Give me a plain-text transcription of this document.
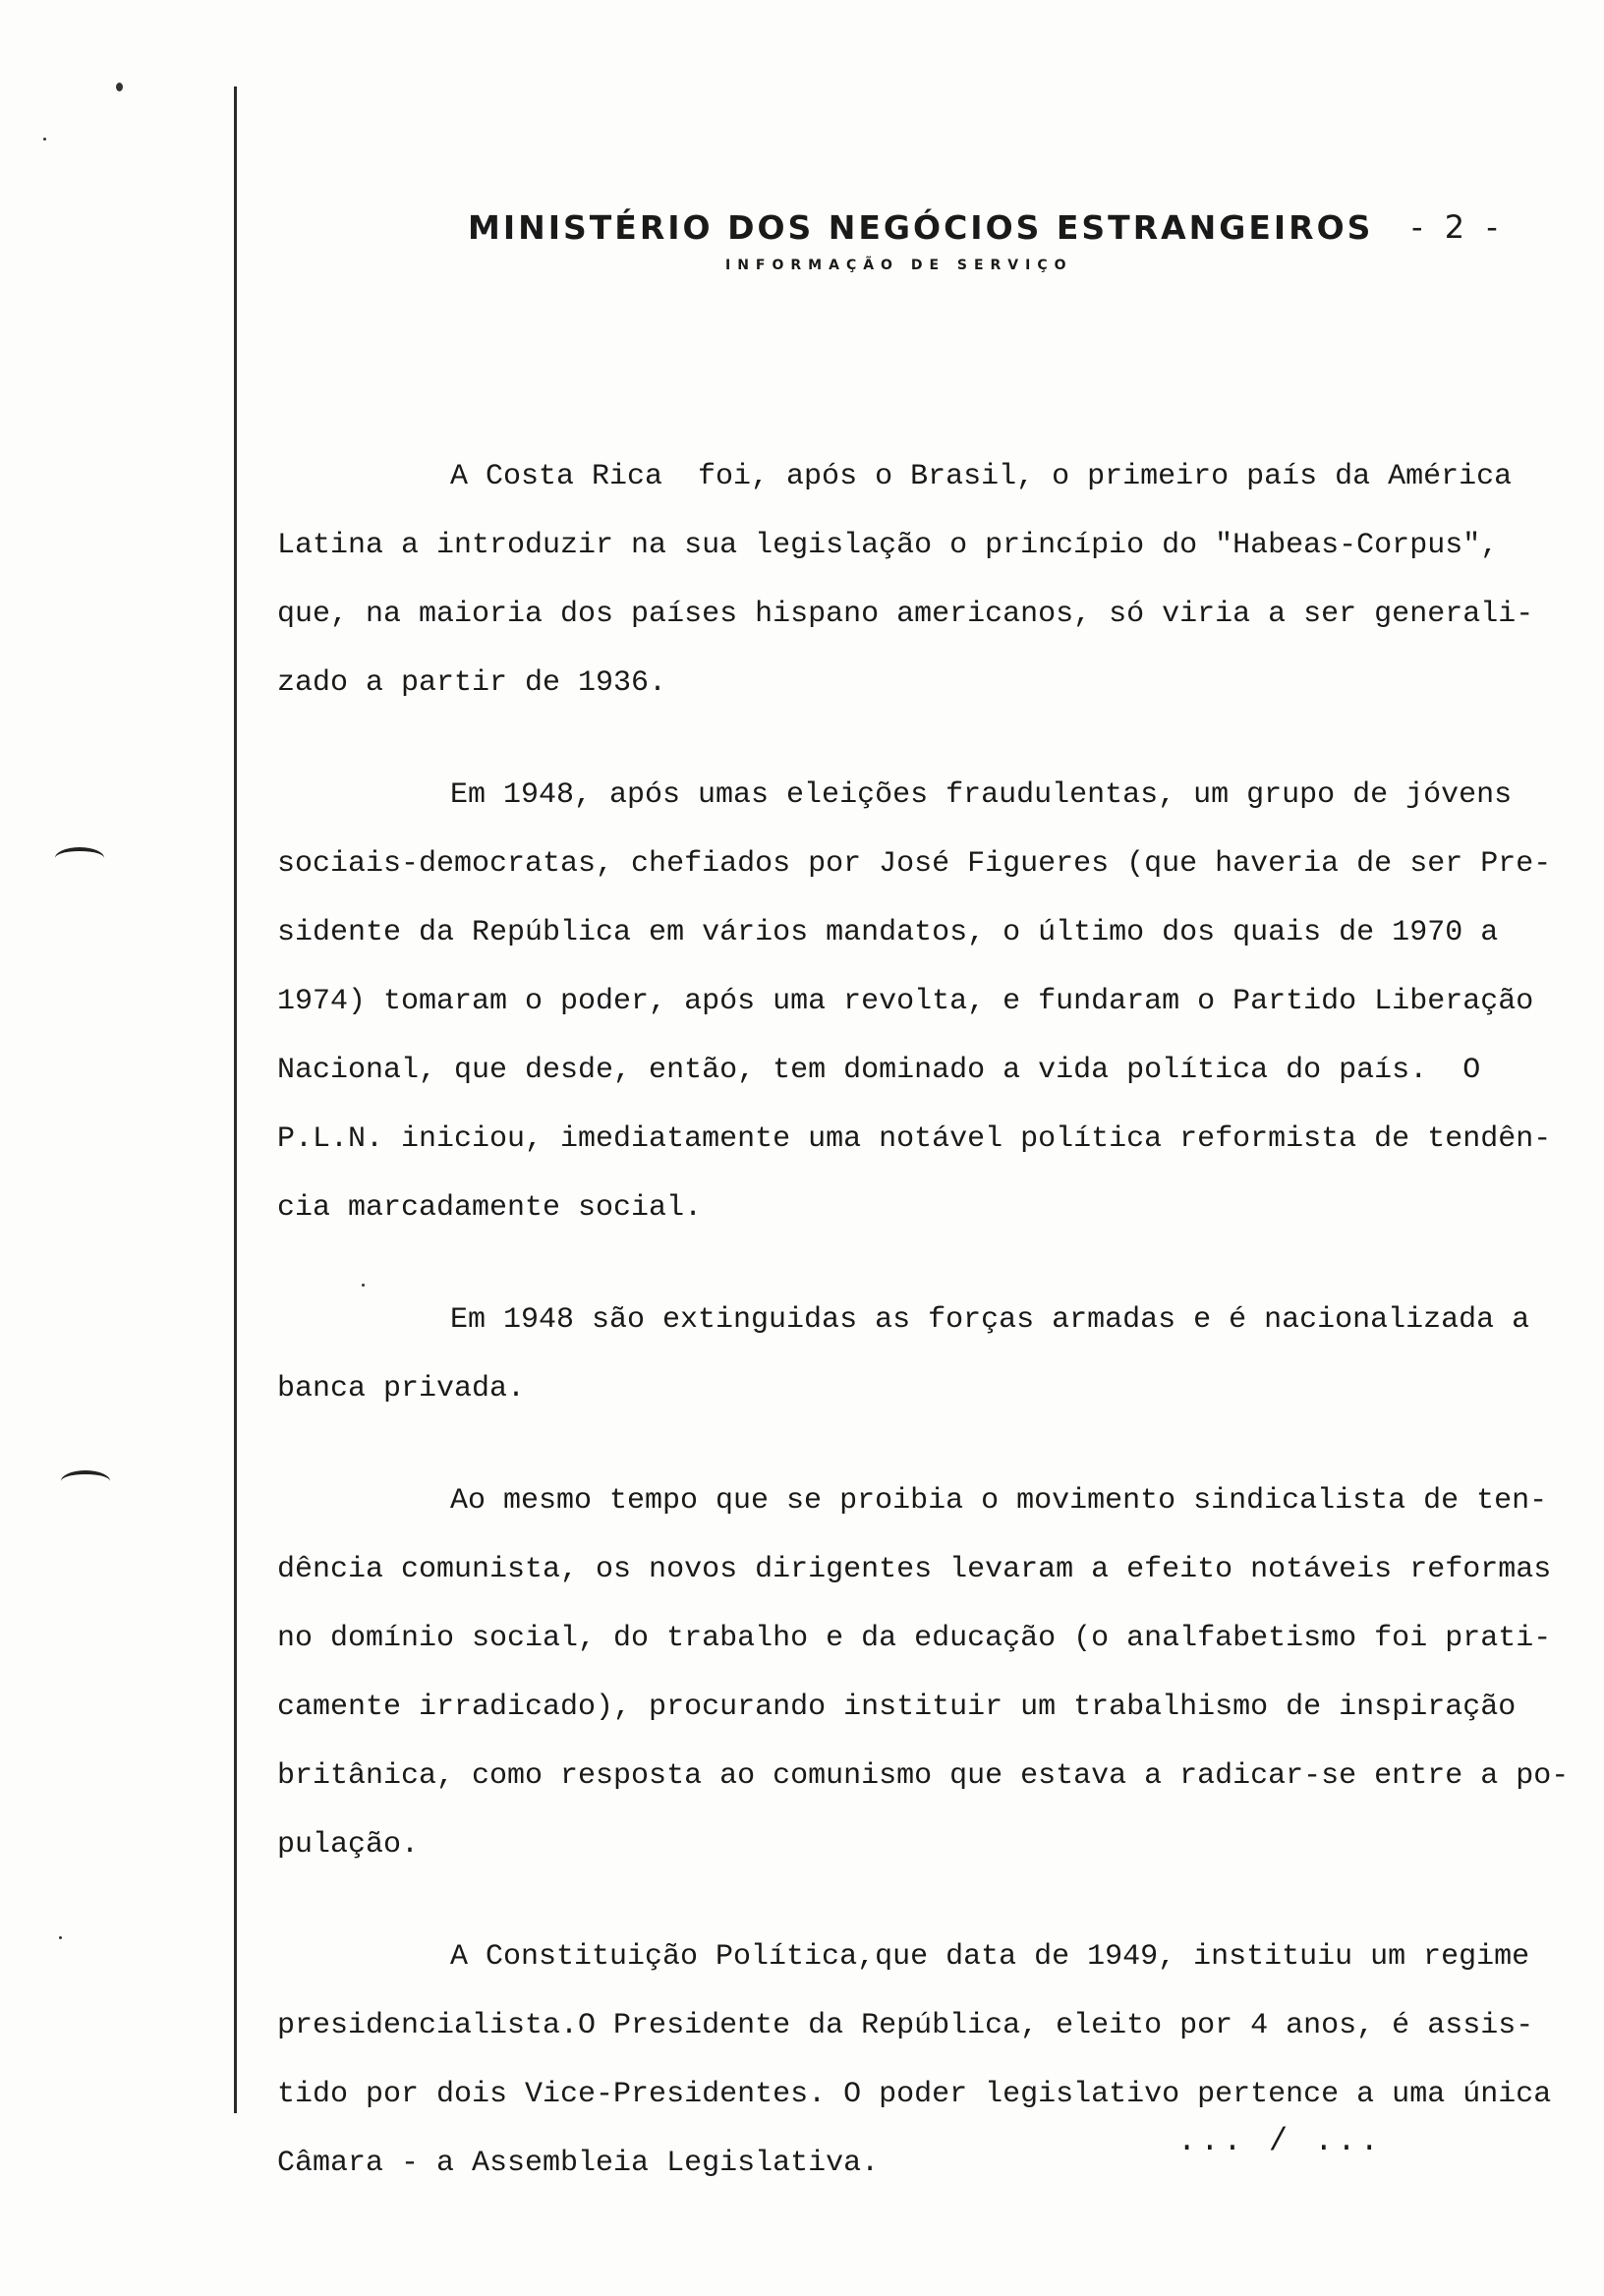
MINISTÉRIO DOS NEGÓCIOS ESTRANGEIROS	- 2 -
INFORMAÇÃO DE SERVIÇO
A Costa Rica  foi, após o Brasil, o primeiro país da América
Latina a introduzir na sua legislação o princípio do "Habeas-Corpus",
que, na maioria dos países hispano americanos, só viria a ser generali-
zado a partir de 1936.
Em 1948, após umas eleições fraudulentas, um grupo de jóvens
sociais-democratas, chefiados por José Figueres (que haveria de ser Pre-
sidente da República em vários mandatos, o último dos quais de 1970 a
1974) tomaram o poder, após uma revolta, e fundaram o Partido Liberação
Nacional, que desde, então, tem dominado a vida política do país.  O
P.L.N. iniciou, imediatamente uma notável política reformista de tendên-
cia marcadamente social.
Em 1948 são extinguidas as forças armadas e é nacionalizada a
banca privada.
Ao mesmo tempo que se proibia o movimento sindicalista de ten-
dência comunista, os novos dirigentes levaram a efeito notáveis reformas
no domínio social, do trabalho e da educação (o analfabetismo foi prati-
camente irradicado), procurando instituir um trabalhismo de inspiração
britânica, como resposta ao comunismo que estava a radicar-se entre a po-
pulação.
A Constituição Política,que data de 1949, instituiu um regime
presidencialista.O Presidente da República, eleito por 4 anos, é assis-
tido por dois Vice-Presidentes. O poder legislativo pertence a uma única
Câmara - a Assembleia Legislativa.
... / ...
